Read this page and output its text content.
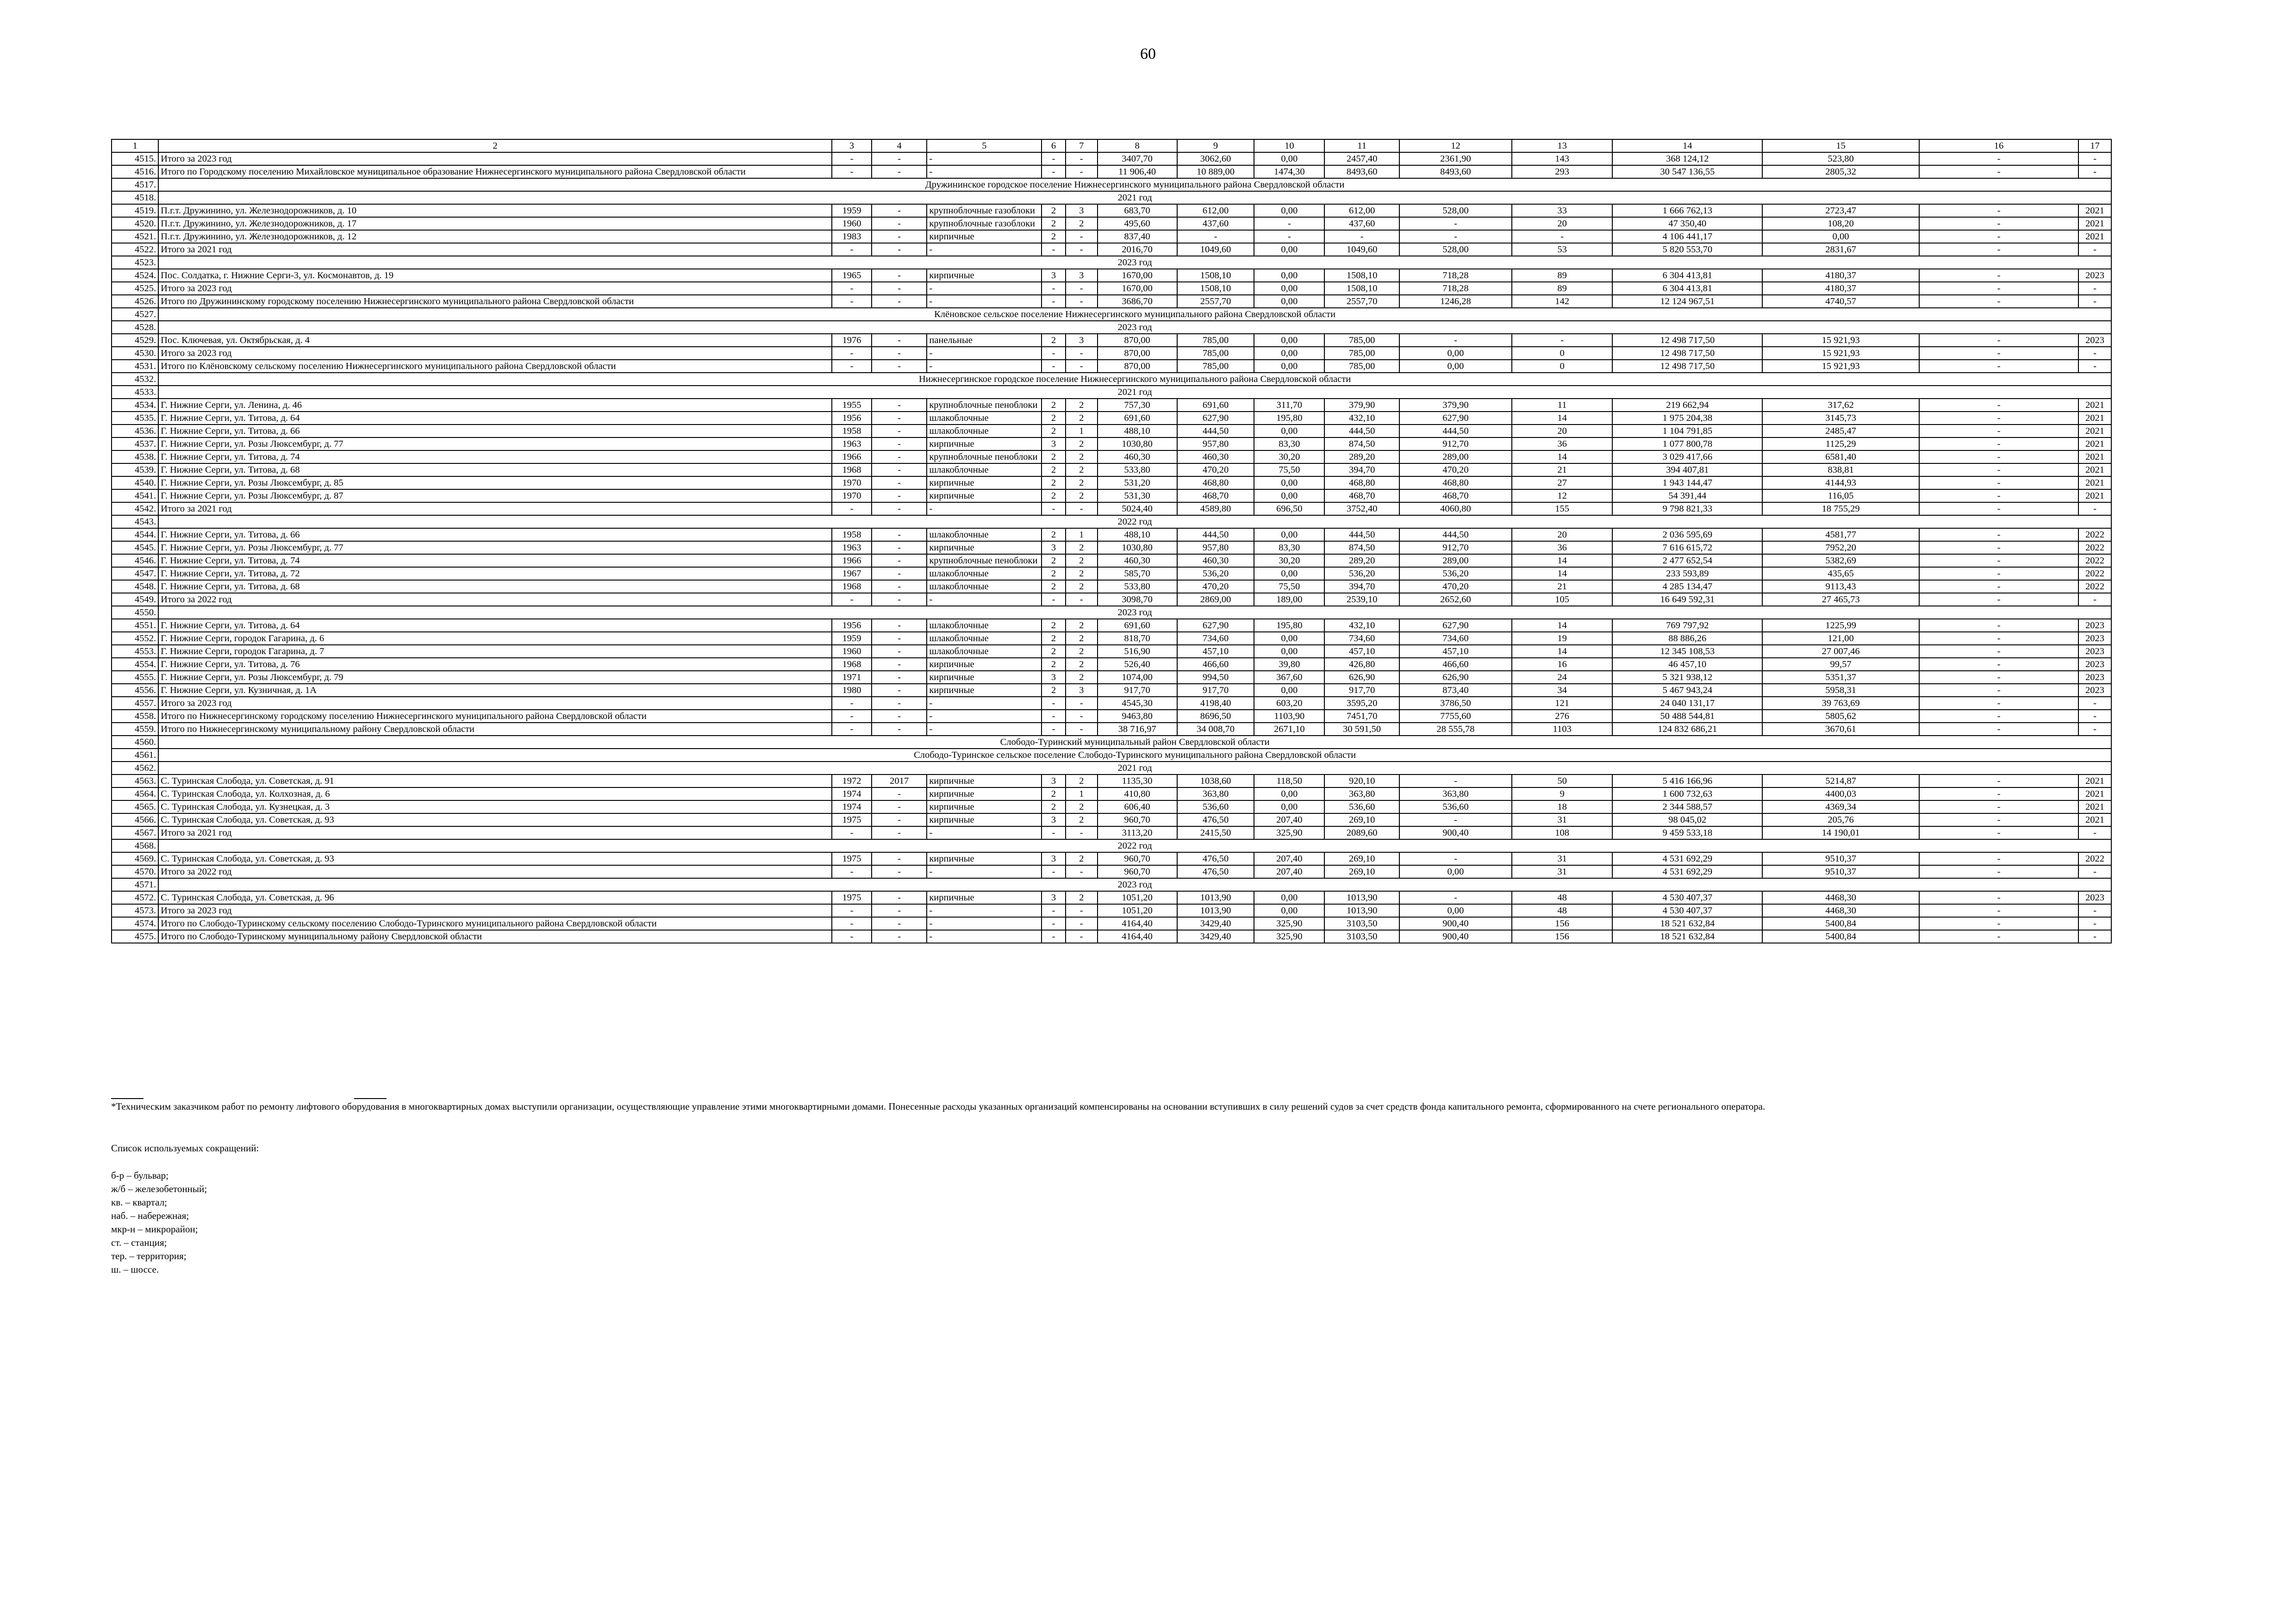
60
1	2	3	4	5	6	7	8	9	10	11	12	13	14	15	16	17
4515.	Итого за 2023 год	-	-	-	-	-	3407,70	3062,60	0,00	2457,40	2361,90	143	368 124,12	523,80	-	-
4516.	Итого по Городскому поселению Михайловское муниципальное образование Нижнесергинского муниципального района Свердловской области	-	-	-	-	-	11 906,40	10 889,00	1474,30	8493,60	8493,60	293	30 547 136,55	2805,32	-	-
4517.	Дружининское городское поселение Нижнесергинского муниципального района Свердловской области															
4518.	2021 год															
4519.	П.г.т. Дружинино, ул. Железнодорожников, д. 10	1959	-	крупноблочные газоблоки	2	3	683,70	612,00	0,00	612,00	528,00	33	1 666 762,13	2723,47	-	2021
4520.	П.г.т. Дружинино, ул. Железнодорожников, д. 17	1960	-	крупноблочные газоблоки	2	2	495,60	437,60	-	437,60	-	20	47 350,40	108,20	-	2021
4521.	П.г.т. Дружинино, ул. Железнодорожников, д. 12	1983	-	кирпичные	2	-	837,40	-	-	-	-	-	4 106 441,17	0,00	-	2021
4522.	Итого за 2021 год	-	-	-	-	-	2016,70	1049,60	0,00	1049,60	528,00	53	5 820 553,70	2831,67	-	-
4523.	2023 год															
4524.	Пос. Солдатка, г. Нижние Серги-3, ул. Космонавтов, д. 19	1965	-	кирпичные	3	3	1670,00	1508,10	0,00	1508,10	718,28	89	6 304 413,81	4180,37	-	2023
4525.	Итого за 2023 год	-	-	-	-	-	1670,00	1508,10	0,00	1508,10	718,28	89	6 304 413,81	4180,37	-	-
4526.	Итого по Дружининскому городскому поселению Нижнесергинского муниципального района Свердловской области	-	-	-	-	-	3686,70	2557,70	0,00	2557,70	1246,28	142	12 124 967,51	4740,57	-	-
4527.	Клёновское сельское поселение Нижнесергинского муниципального района Свердловской области															
4528.	2023 год															
4529.	Пос. Ключевая, ул. Октябрьская, д. 4	1976	-	панельные	2	3	870,00	785,00	0,00	785,00	-	-	12 498 717,50	15 921,93	-	2023
4530.	Итого за 2023 год	-	-	-	-	-	870,00	785,00	0,00	785,00	0,00	0	12 498 717,50	15 921,93	-	-
4531.	Итого по Клёновскому сельскому поселению Нижнесергинского муниципального района Свердловской области	-	-	-	-	-	870,00	785,00	0,00	785,00	0,00	0	12 498 717,50	15 921,93	-	-
4532.	Нижнесергинское городское поселение Нижнесергинского муниципального района Свердловской области															
4533.	2021 год															
4534.	Г. Нижние Серги, ул. Ленина, д. 46	1955	-	крупноблочные пеноблоки	2	2	757,30	691,60	311,70	379,90	379,90	11	219 662,94	317,62	-	2021
4535.	Г. Нижние Серги, ул. Титова, д. 64	1956	-	шлакоблочные	2	2	691,60	627,90	195,80	432,10	627,90	14	1 975 204,38	3145,73	-	2021
4536.	Г. Нижние Серги, ул. Титова, д. 66	1958	-	шлакоблочные	2	1	488,10	444,50	0,00	444,50	444,50	20	1 104 791,85	2485,47	-	2021
4537.	Г. Нижние Серги, ул. Розы Люксембург, д. 77	1963	-	кирпичные	3	2	1030,80	957,80	83,30	874,50	912,70	36	1 077 800,78	1125,29	-	2021
4538.	Г. Нижние Серги, ул. Титова, д. 74	1966	-	крупноблочные пеноблоки	2	2	460,30	460,30	30,20	289,20	289,00	14	3 029 417,66	6581,40	-	2021
4539.	Г. Нижние Серги, ул. Титова, д. 68	1968	-	шлакоблочные	2	2	533,80	470,20	75,50	394,70	470,20	21	394 407,81	838,81	-	2021
4540.	Г. Нижние Серги, ул. Розы Люксембург, д. 85	1970	-	кирпичные	2	2	531,20	468,80	0,00	468,80	468,80	27	1 943 144,47	4144,93	-	2021
4541.	Г. Нижние Серги, ул. Розы Люксембург, д. 87	1970	-	кирпичные	2	2	531,30	468,70	0,00	468,70	468,70	12	54 391,44	116,05	-	2021
4542.	Итого за 2021 год	-	-	-	-	-	5024,40	4589,80	696,50	3752,40	4060,80	155	9 798 821,33	18 755,29	-	-
4543.	2022 год															
4544.	Г. Нижние Серги, ул. Титова, д. 66	1958	-	шлакоблочные	2	1	488,10	444,50	0,00	444,50	444,50	20	2 036 595,69	4581,77	-	2022
4545.	Г. Нижние Серги, ул. Розы Люксембург, д. 77	1963	-	кирпичные	3	2	1030,80	957,80	83,30	874,50	912,70	36	7 616 615,72	7952,20	-	2022
4546.	Г. Нижние Серги, ул. Титова, д. 74	1966	-	крупноблочные пеноблоки	2	2	460,30	460,30	30,20	289,20	289,00	14	2 477 652,54	5382,69	-	2022
4547.	Г. Нижние Серги, ул. Титова, д. 72	1967	-	шлакоблочные	2	2	585,70	536,20	0,00	536,20	536,20	14	233 593,89	435,65	-	2022
4548.	Г. Нижние Серги, ул. Титова, д. 68	1968	-	шлакоблочные	2	2	533,80	470,20	75,50	394,70	470,20	21	4 285 134,47	9113,43	-	2022
4549.	Итого за 2022 год	-	-	-	-	-	3098,70	2869,00	189,00	2539,10	2652,60	105	16 649 592,31	27 465,73	-	-
4550.	2023 год															
4551.	Г. Нижние Серги, ул. Титова, д. 64	1956	-	шлакоблочные	2	2	691,60	627,90	195,80	432,10	627,90	14	769 797,92	1225,99	-	2023
4552.	Г. Нижние Серги, городок Гагарина, д. 6	1959	-	шлакоблочные	2	2	818,70	734,60	0,00	734,60	734,60	19	88 886,26	121,00	-	2023
4553.	Г. Нижние Серги, городок Гагарина, д. 7	1960	-	шлакоблочные	2	2	516,90	457,10	0,00	457,10	457,10	14	12 345 108,53	27 007,46	-	2023
4554.	Г. Нижние Серги, ул. Титова, д. 76	1968	-	кирпичные	2	2	526,40	466,60	39,80	426,80	466,60	16	46 457,10	99,57	-	2023
4555.	Г. Нижние Серги, ул. Розы Люксембург, д. 79	1971	-	кирпичные	3	2	1074,00	994,50	367,60	626,90	626,90	24	5 321 938,12	5351,37	-	2023
4556.	Г. Нижние Серги, ул. Кузничная, д. 1А	1980	-	кирпичные	2	3	917,70	917,70	0,00	917,70	873,40	34	5 467 943,24	5958,31	-	2023
4557.	Итого за 2023 год	-	-	-	-	-	4545,30	4198,40	603,20	3595,20	3786,50	121	24 040 131,17	39 763,69	-	-
4558.	Итого по Нижнесергинскому городскому поселению Нижнесергинского муниципального района Свердловской области	-	-	-	-	-	9463,80	8696,50	1103,90	7451,70	7755,60	276	50 488 544,81	5805,62	-	-
4559.	Итого по Нижнесергинскому муниципальному району Свердловской области	-	-	-	-	-	38 716,97	34 008,70	2671,10	30 591,50	28 555,78	1103	124 832 686,21	3670,61	-	-
4560.	Слободо-Туринский муниципальный район Свердловской области															
4561.	Слободо-Туринское сельское поселение Слободо-Туринского муниципального района Свердловской области															
4562.	2021 год															
4563.	С. Туринская Слобода, ул. Советская, д. 91	1972	2017	кирпичные	3	2	1135,30	1038,60	118,50	920,10	-	50	5 416 166,96	5214,87	-	2021
4564.	С. Туринская Слобода, ул. Колхозная, д. 6	1974	-	кирпичные	2	1	410,80	363,80	0,00	363,80	363,80	9	1 600 732,63	4400,03	-	2021
4565.	С. Туринская Слобода, ул. Кузнецкая, д. 3	1974	-	кирпичные	2	2	606,40	536,60	0,00	536,60	536,60	18	2 344 588,57	4369,34	-	2021
4566.	С. Туринская Слобода, ул. Советская, д. 93	1975	-	кирпичные	3	2	960,70	476,50	207,40	269,10	-	31	98 045,02	205,76	-	2021
4567.	Итого за 2021 год	-	-	-	-	-	3113,20	2415,50	325,90	2089,60	900,40	108	9 459 533,18	14 190,01	-	-
4568.	2022 год															
4569.	С. Туринская Слобода, ул. Советская, д. 93	1975	-	кирпичные	3	2	960,70	476,50	207,40	269,10	-	31	4 531 692,29	9510,37	-	2022
4570.	Итого за 2022 год	-	-	-	-	-	960,70	476,50	207,40	269,10	0,00	31	4 531 692,29	9510,37	-	-
4571.	2023 год															
4572.	С. Туринская Слобода, ул. Советская, д. 96	1975	-	кирпичные	3	2	1051,20	1013,90	0,00	1013,90	-	48	4 530 407,37	4468,30	-	2023
4573.	Итого за 2023 год	-	-	-	-	-	1051,20	1013,90	0,00	1013,90	0,00	48	4 530 407,37	4468,30	-	-
4574.	Итого по Слободо-Туринскому сельскому поселению Слободо-Туринского муниципального района Свердловской области	-	-	-	-	-	4164,40	3429,40	325,90	3103,50	900,40	156	18 521 632,84	5400,84	-	-
4575.	Итого по Слободо-Туринскому муниципальному району Свердловской области	-	-	-	-	-	4164,40	3429,40	325,90	3103,50	900,40	156	18 521 632,84	5400,84	-	-
*Техническим заказчиком работ по ремонту лифтового оборудования в многоквартирных домах выступили организации, осуществляющие управление этими многоквартирными домами. Понесенные расходы указанных организаций компенсированы на основании вступивших в силу решений судов за счет средств фонда капитального ремонта, сформированного на счете регионального оператора.
Список используемых сокращений:
б-р – бульвар;
ж/б – железобетонный;
кв. – квартал;
наб. – набережная;
мкр-н – микрорайон;
ст. – станция;
тер. – территория;
ш. – шоссе.
